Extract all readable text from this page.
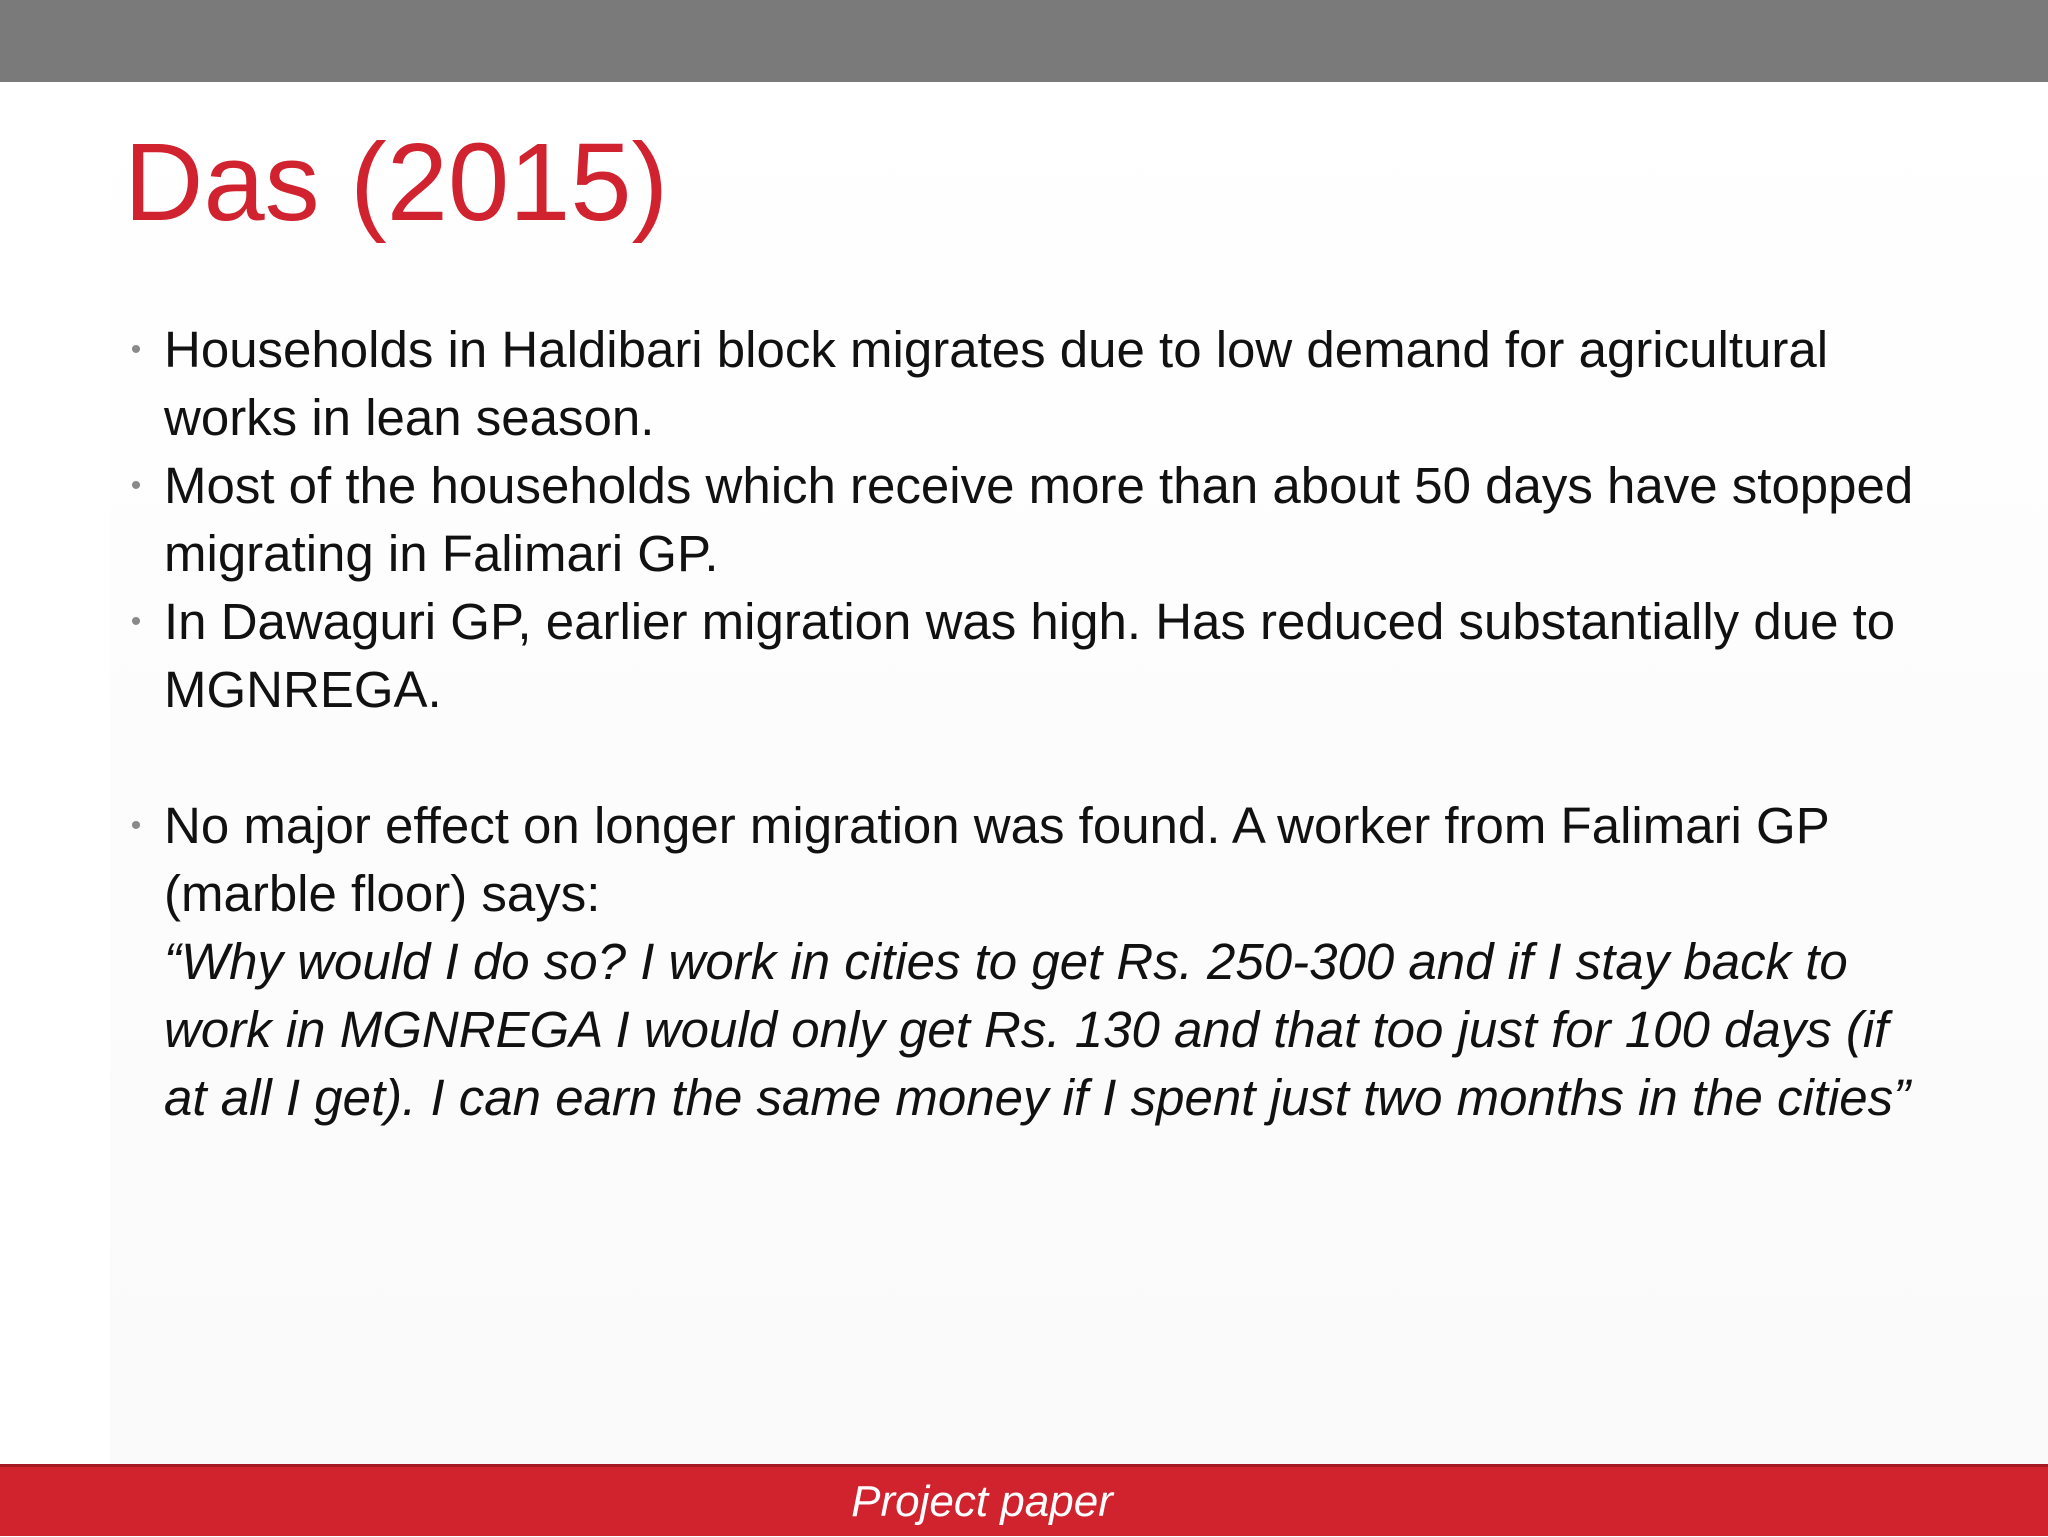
Das (2015)
• Households in Haldibari block migrates due to low demand for agricultural works in lean season.
• Most of the households which receive more than about 50 days have stopped migrating in Falimari GP.
• In Dawaguri GP, earlier migration was high. Has reduced substantially due to MGNREGA.
• No major effect on longer migration was found. A worker from Falimari GP (marble floor) says:
“Why would I do so? I work in cities to get Rs. 250-300 and if I stay back to work in MGNREGA I would only get Rs. 130 and that too just for 100 days (if at all I get). I can earn the same money if I spent just two months in the cities”
Project paper
